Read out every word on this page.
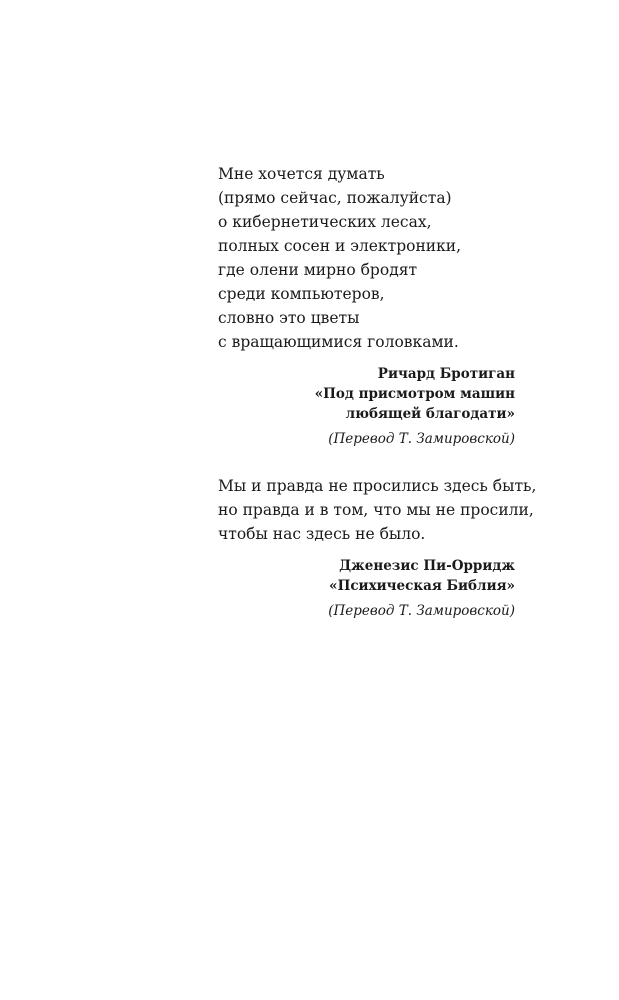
Мне хочется думать
(прямо сейчас, пожалуйста)
о кибернетических лесах,
полных сосен и электроники,
где олени мирно бродят
среди компьютеров,
словно это цветы
с вращающимися головками.
Ричард Бротиган
«Под присмотром машин
любящей благодати»
(Перевод Т. Замировской)
Мы и правда не просились здесь быть,
но правда и в том, что мы не просили,
чтобы нас здесь не было.
Дженезис Пи-Орридж
«Психическая Библия»
(Перевод Т. Замировской)
